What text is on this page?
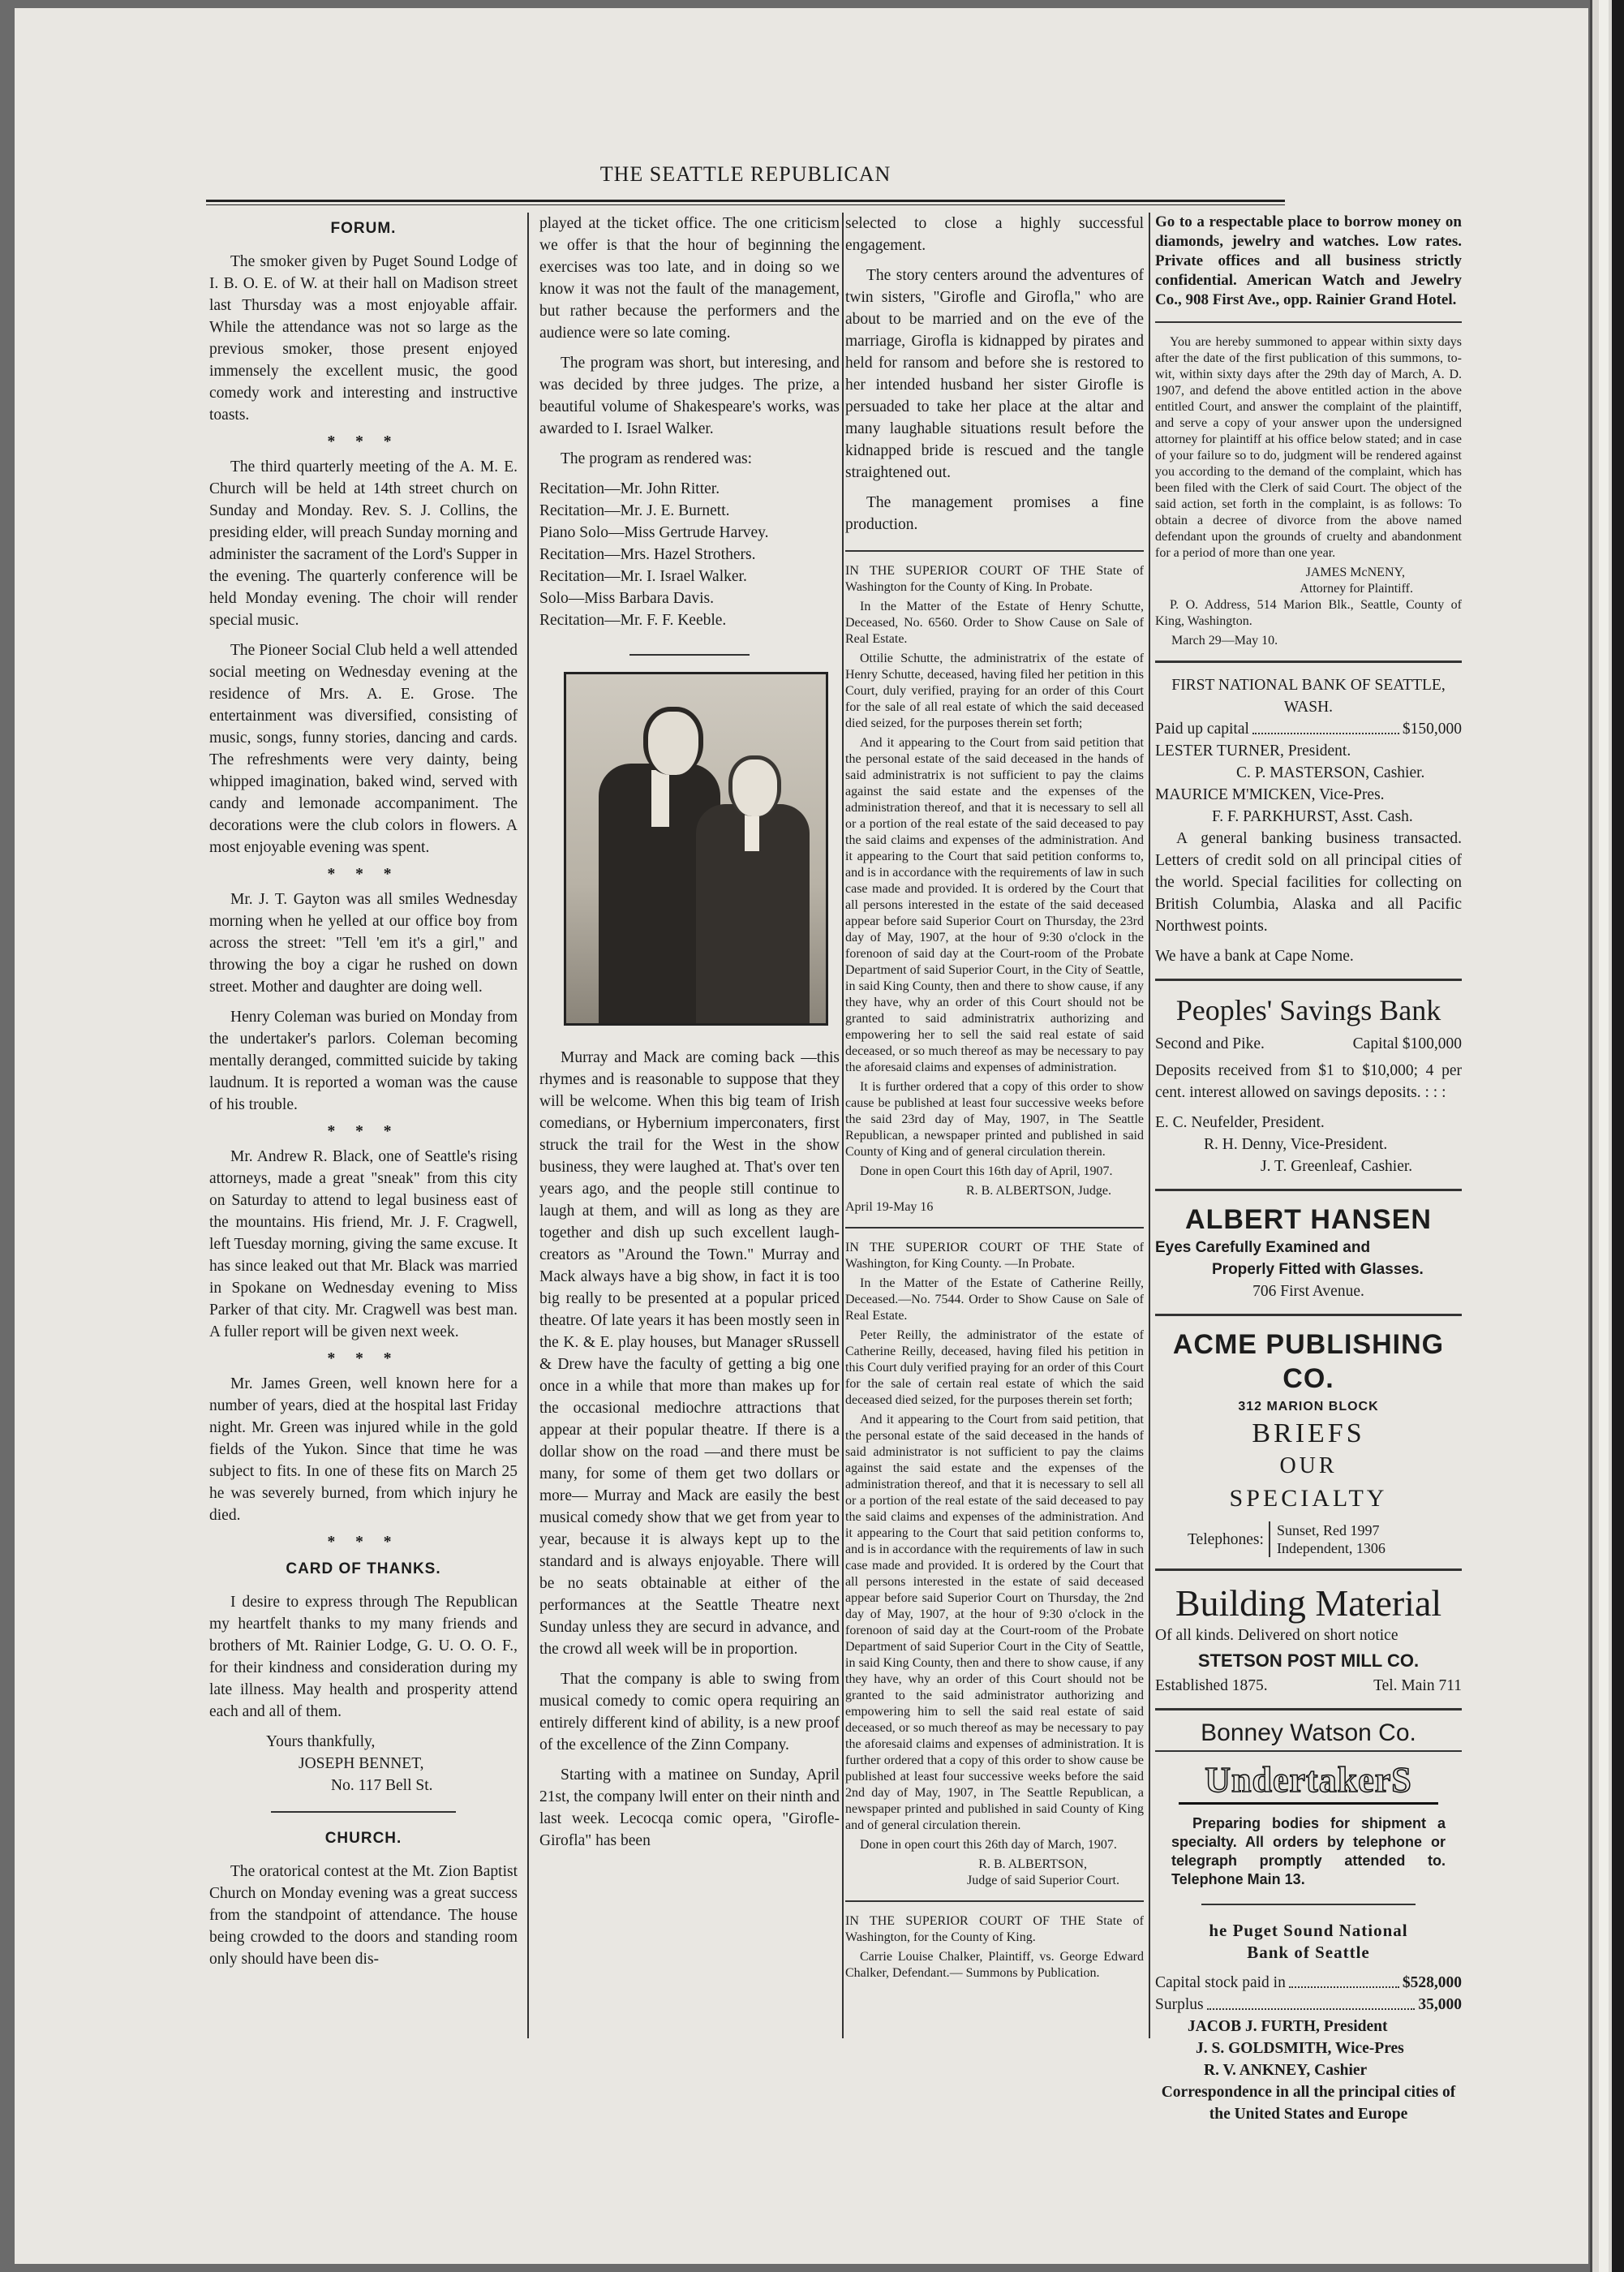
THE SEATTLE REPUBLICAN
FORUM.

The smoker given by Puget Sound Lodge of I. B. O. E. of W. at their hall on Madison street last Thursday was a most enjoyable affair. While the attendance was not so large as the previous smoker, those present enjoyed immensely the excellent music, the good comedy work and interesting and instructive toasts.

* * *

The third quarterly meeting of the A. M. E. Church will be held at 14th street church on Sunday and Monday. Rev. S. J. Collins, the presiding elder, will preach Sunday morning and administer the sacrament of the Lord's Supper in the evening. The quarterly conference will be held Monday evening. The choir will render special music.

The Pioneer Social Club held a well attended social meeting on Wednesday evening at the residence of Mrs. A. E. Grose. The entertainment was diversified, consisting of music, songs, funny stories, dancing and cards. The refreshments were very dainty, being whipped imagination, baked wind, served with candy and lemonade accompaniment. The decorations were the club colors in flowers. A most enjoyable evening was spent.

* * *

Mr. J. T. Gayton was all smiles Wednesday morning when he yelled at our office boy from across the street: "Tell 'em it's a girl," and throwing the boy a cigar he rushed on down street. Mother and daughter are doing well.

Henry Coleman was buried on Monday from the undertaker's parlors. Coleman becoming mentally deranged, committed suicide by taking laudnum. It is reported a woman was the cause of his trouble.

* * *

Mr. Andrew R. Black, one of Seattle's rising attorneys, made a great "sneak" from this city on Saturday to attend to legal business east of the mountains. His friend, Mr. J. F. Cragwell, left Tuesday morning, giving the same excuse. It has since leaked out that Mr. Black was married in Spokane on Wednesday evening to Miss Parker of that city. Mr. Cragwell was best man. A fuller report will be given next week.

* * *

Mr. James Green, well known here for a number of years, died at the hospital last Friday night. Mr. Green was injured while in the gold fields of the Yukon. Since that time he was subject to fits. In one of these fits on March 25 he was severely burned, from which injury he died.

* * *
CARD OF THANKS.

I desire to express through The Republican my heartfelt thanks to my many friends and brothers of Mt. Rainier Lodge, G. U. O. O. F., for their kindness and consideration during my late illness. May health and prosperity attend each and all of them.

Yours thankfully,
JOSEPH BENNET,
No. 117 Bell St.
CHURCH.

The oratorical contest at the Mt. Zion Baptist Church on Monday evening was a great success from the standpoint of attendance. The house being crowded to the doors and standing room only should have been dis-

played at the ticket office. The one criticism we offer is that the hour of beginning the exercises was too late, and in doing so we know it was not the fault of the management, but rather because the performers and the audience were so late coming.

The program was short, but interesing, and was decided by three judges. The prize, a beautiful volume of Shakespeare's works, was awarded to I. Israel Walker.

The program as rendered was:

Recitation—Mr. John Ritter.
Recitation—Mr. J. E. Burnett.
Piano Solo—Miss Gertrude Harvey.
Recitation—Mrs. Hazel Strothers.
Recitation—Mr. I. Israel Walker.
Solo—Miss Barbara Davis.
Recitation—Mr. F. F. Keeble.

Murray and Mack are coming back —this rhymes and is reasonable to suppose that they will be welcome. When this big team of Irish comedians, or Hybernium imperconaters, first struck the trail for the West in the show business, they were laughed at. That's over ten years ago, and the people still continue to laugh at them, and will as long as they are together and dish up such excellent laugh-creators as "Around the Town." Murray and Mack always have a big show, in fact it is too big really to be presented at a popular priced theatre. Of late years it has been mostly seen in the K. & E. play houses, but Manager sRussell & Drew have the faculty of getting a big one once in a while that more than makes up for the occasional mediochre attractions that appear at their popular theatre. If there is a dollar show on the road —and there must be many, for some of them get two dollars or more— Murray and Mack are easily the best musical comedy show that we get from year to year, because it is always kept up to the standard and is always enjoyable. There will be no seats obtainable at either of the performances at the Seattle Theatre next Sunday unless they are securd in advance, and the crowd all week will be in proportion.

That the company is able to swing from musical comedy to comic opera requiring an entirely different kind of ability, is a new proof of the excellence of the Zinn Company.

Starting with a matinee on Sunday, April 21st, the company lwill enter on their ninth and last week. Lecocqa comic opera, "Girofle-Girofla" has been

selected to close a highly successful engagement.

The story centers around the adventures of twin sisters, "Girofle and Girofla," who are about to be married and on the eve of the marriage, Girofla is kidnapped by pirates and held for ransom and before she is restored to her intended husband her sister Girofle is persuaded to take her place at the altar and many laughable situations result before the kidnapped bride is rescued and the tangle straightened out.

The management promises a fine production.

IN THE SUPERIOR COURT OF THE State of Washington for the County of King. In Probate.

In the Matter of the Estate of Henry Schutte, Deceased, No. 6560. Order to Show Cause on Sale of Real Estate.

Ottilie Schutte, the administratrix of the estate of Henry Schutte, deceased, having filed her petition in this Court, duly verified, praying for an order of this Court for the sale of all real estate of which the said deceased died seized, for the purposes therein set forth;

And it appearing to the Court from said petition that the personal estate of the said deceased in the hands of said administratrix is not sufficient to pay the claims against the said estate and the expenses of the administration thereof, and that it is necessary to sell all or a portion of the real estate of the said deceased to pay the said claims and expenses of the administration. And it appearing to the Court that said petition conforms to, and is in accordance with the requirements of law in such case made and provided. It is ordered by the Court that all persons interested in the estate of the said deceased appear before said Superior Court on Thursday, the 23rd day of May, 1907, at the hour of 9:30 o'clock in the forenoon of said day at the Court-room of the Probate Department of said Superior Court, in the City of Seattle, in said King County, then and there to show cause, if any they have, why an order of this Court should not be granted to said administratrix authorizing and empowering her to sell the said real estate of said deceased, or so much thereof as may be necessary to pay the aforesaid claims and expenses of administration.

It is further ordered that a copy of this order to show cause be published at least four successive weeks before the said 23rd day of May, 1907, in The Seattle Republican, a newspaper printed and published in said County of King and of general circulation therein.

Done in open Court this 16th day of April, 1907.

R. B. ALBERTSON, Judge.
April 19-May 16

IN THE SUPERIOR COURT OF THE State of Washington, for King County. —In Probate.

In the Matter of the Estate of Catherine Reilly, Deceased.—No. 7544. Order to Show Cause on Sale of Real Estate.

Peter Reilly, the administrator of the estate of Catherine Reilly, deceased, having filed his petition in this Court duly verified praying for an order of this Court for the sale of certain real estate of which the said deceased died seized, for the purposes therein set forth;

And it appearing to the Court from said petition, that the personal estate of the said deceased in the hands of said administrator is not sufficient to pay the claims against the said estate and the expenses of the administration thereof, and that it is necessary to sell all or a portion of the real estate of the said deceased to pay the said claims and expenses of the administration. And it appearing to the Court that said petition conforms to, and is in accordance with the requirements of law in such case made and provided. It is ordered by the Court that all persons interested in the estate of said deceased appear before said Superior Court on Thursday, the 2nd day of May, 1907, at the hour of 9:30 o'clock in the forenoon of said day at the Court-room of the Probate Department of said Superior Court in the City of Seattle, in said King County, then and there to show cause, if any they have, why an order of this Court should not be granted to the said administrator authorizing and empowering him to sell the said real estate of said deceased, or so much thereof as may be necessary to pay the aforesaid claims and expenses of administration. It is further ordered that a copy of this order to show cause be published at least four successive weeks before the said 2nd day of May, 1907, in The Seattle Republican, a newspaper printed and published in said County of King and of general circulation therein.

Done in open court this 26th day of March, 1907.

R. B. ALBERTSON,
Judge of said Superior Court.

IN THE SUPERIOR COURT OF THE State of Washington, for the County of King.

Carrie Louise Chalker, Plaintiff, vs. George Edward Chalker, Defendant.— Summons by Publication.

Go to a respectable place to borrow money on diamonds, jewelry and watches. Low rates. Private offices and all business strictly confidential. American Watch and Jewelry Co., 908 First Ave., opp. Rainier Grand Hotel.

You are hereby summoned to appear within sixty days after the date of the first publication of this summons, to-wit, within sixty days after the 29th day of March, A. D. 1907, and defend the above entitled action in the above entitled Court, and answer the complaint of the plaintiff, and serve a copy of your answer upon the undersigned attorney for plaintiff at his office below stated; and in case of your failure so to do, judgment will be rendered against you according to the demand of the complaint, which has been filed with the Clerk of said Court. The object of the said action, set forth in the complaint, is as follows: To obtain a decree of divorce from the above named defendant upon the grounds of cruelty and abandonment for a period of more than one year.

JAMES McNENY,
Attorney for Plaintiff.

P. O. Address, 514 Marion Blk., Seattle, County of King, Washington.

March 29—May 10.
FIRST NATIONAL BANK OF SEATTLE, WASH.
Paid up capital	$150,000
LESTER TURNER, President.
C. P. MASTERSON, Cashier.
MAURICE M'MICKEN, Vice-Pres.
F. F. PARKHURST, Asst. Cash.

A general banking business transacted. Letters of credit sold on all principal cities of the world. Special facilities for collecting on British Columbia, Alaska and all Pacific Northwest points.

We have a bank at Cape Nome.
Peoples' Savings Bank
Second and Pike.	Capital $100,000

Deposits received from $1 to $10,000; 4 per cent. interest allowed on savings deposits. : : :

E. C. Neufelder, President.
R. H. Denny, Vice-President.
J. T. Greenleaf, Cashier.
ALBERT HANSEN
Eyes Carefully Examined and
Properly Fitted with Glasses.
706 First Avenue.
ACME PUBLISHING CO.
312 MARION BLOCK
BRIEFS
OUR
SPECIALTY
Telephones:
Sunset, Red 1997
Independent, 1306
Building Material
Of all kinds. Delivered on short notice
STETSON POST MILL CO.
Established 1875.	Tel. Main 711
Bonney Watson Co.
UndertakerS

Preparing bodies for shipment a specialty. All orders by telephone or telegraph promptly attended to. Telephone Main 13.

he Puget Sound National
Bank of Seattle
Capital stock paid in	$528,000
Surplus	35,000
JACOB J. FURTH, President
J. S. GOLDSMITH, Wice-Pres
R. V. ANKNEY, Cashier
Correspondence in all the principal cities of the United States and Europe
